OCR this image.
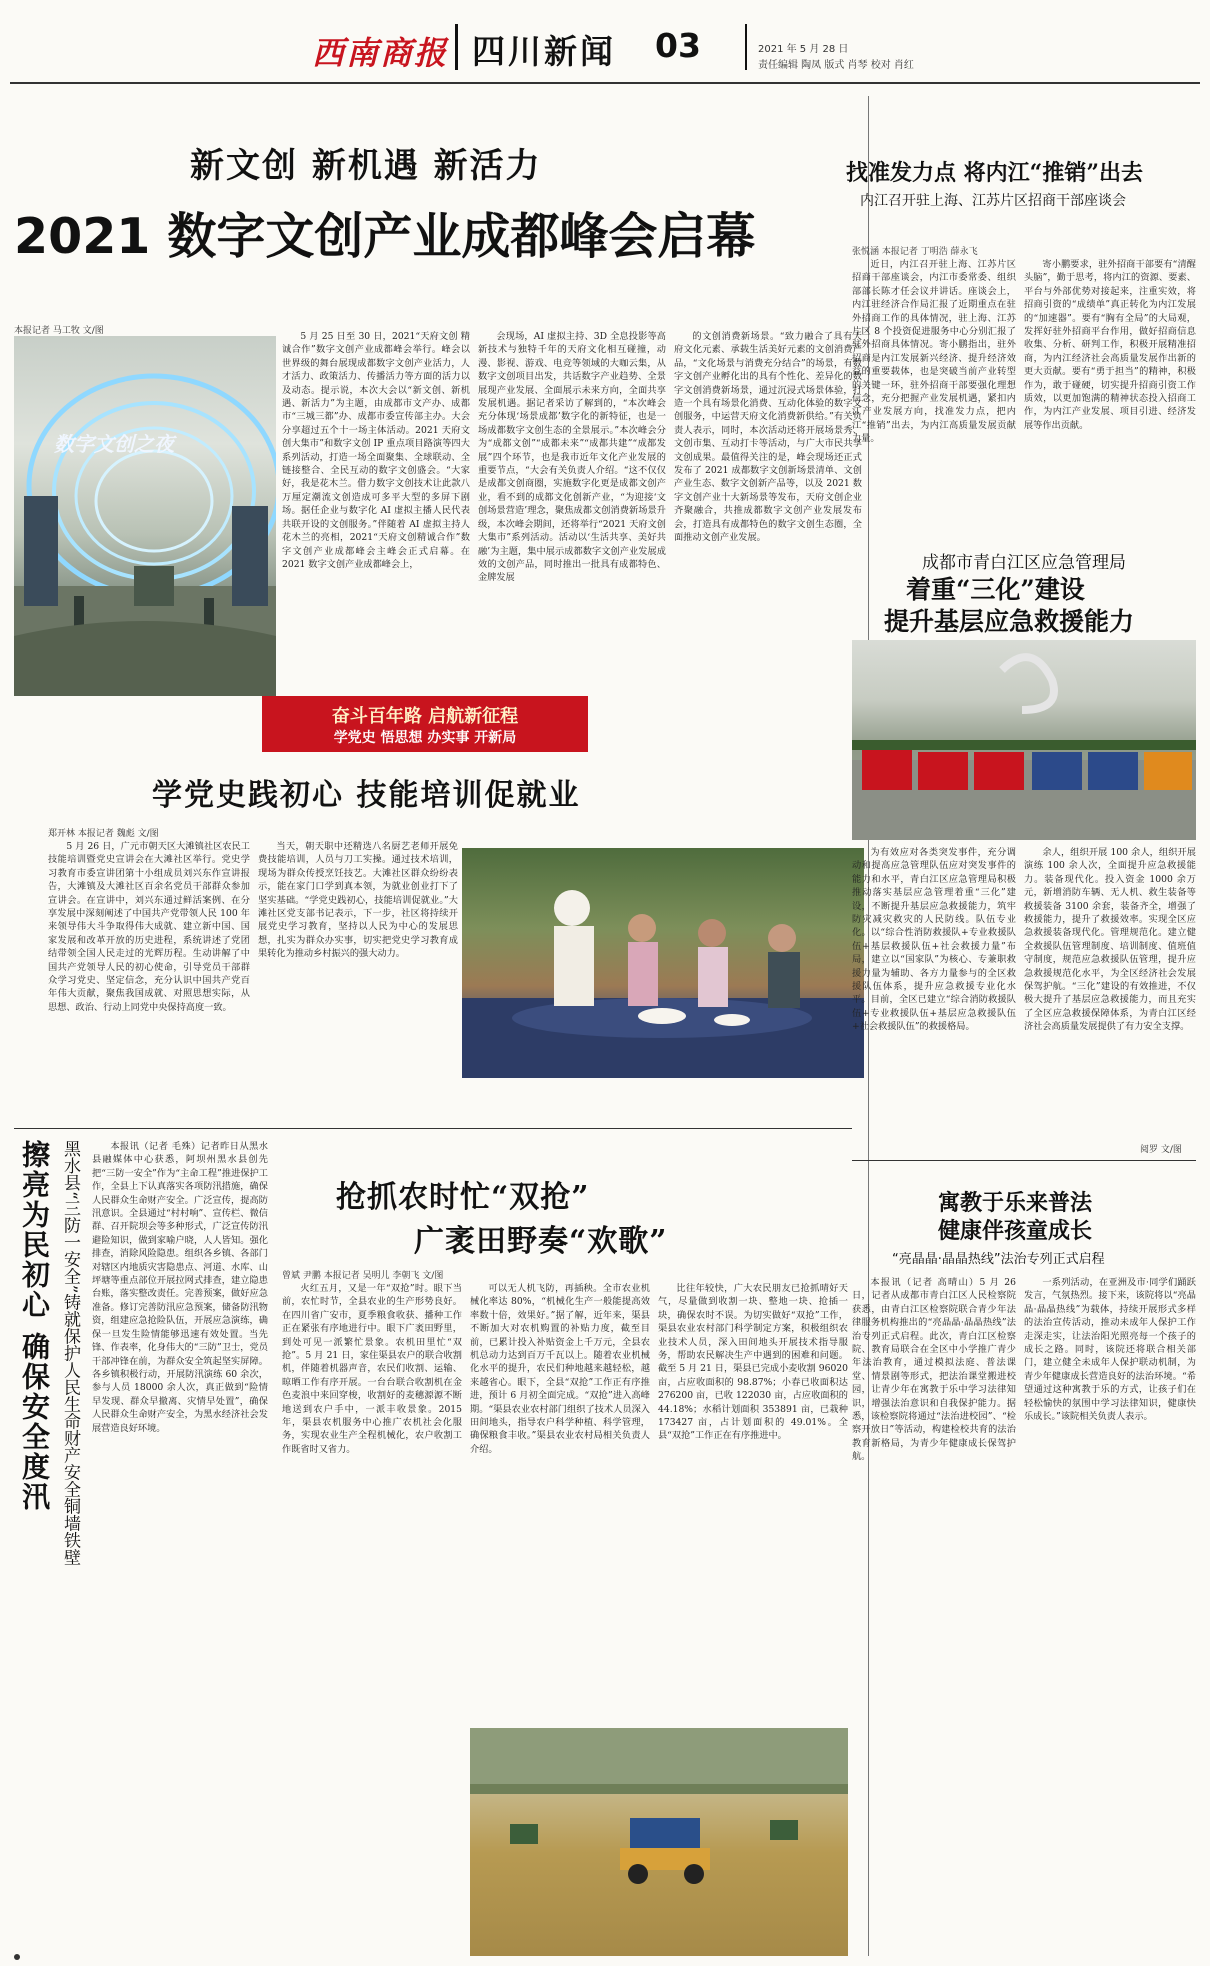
西南商报 四川新闻 03	2021 年 5 月 28 日
责任编辑 陶凤 版式 肖琴 校对 肖红
新文创 新机遇 新活力
2021 数字文创产业成都峰会启幕
本报记者 马工牧 文/图
数字文创之夜

5 月 25 日至 30 日，2021“天府文创 精诚合作”数字文创产业成都峰会举行。峰会以世界级的舞台展现成都数字文创产业活力，人才活力、政策活力、传播活力等方面的活力以及动态。提示说，本次大会以“新文创、新机遇、新活力”为主题，由成都市文产办、成都市“三城三都”办、成都市委宣传部主办。大会分享超过五个十一场主体活动。2021 天府文创大集市”和数字文创 IP 重点项目路演等四大系列活动，打造一场全面聚集、全球联动、全链接整合、全民互动的数字文创盛会。“大家好，我是花木兰。借力数字文创技术让此款八万厘定潮流文创造成可多平大型的多屏下剧场。据任企业与数字化 AI 虚拟主播人民代表共联开设的文创服务。”伴随着 AI 虚拟主持人花木兰的亮相，2021“天府文创精诚合作”数字文创产业成都峰会主峰会正式启幕。在 2021 数字文创产业成都峰会上，

会现场，AI 虚拟主持、3D 全息投影等高新技术与独特千年的天府文化相互碰撞，动漫、影视、游戏、电竞等领域的大咖云集，从数字文创项目出发，共话数字产业趋势、全景展现产业发展、全面展示未来方向，全面共享发展机遇。据记者采访了解到的，“本次峰会充分体现‘场景成都’数字化的新特征，也是一场成都数字文创生态的全景展示。”本次峰会分为“成都文创”“成都未来”“成都共建”“成都发展”四个环节，也是我市近年文化产业发展的重要节点，“大会有关负责人介绍。“这不仅仅是成都文创商圈，实施数字化更是成都文创产业，看不到的成都文化创新产业，“为迎接‘文创场景营造’理念，聚焦成都文创消费新场景升级，本次峰会期间，还将举行“2021 天府文创大集市”系列活动。活动以‘生活共享、美好共融’为主题，集中展示成都数字文创产业发展成效的文创产品，同时推出一批具有成都特色、金牌发展

的文创消费新场景。“致力融合了具有天府文化元素、承载生活美好元素的文创消费产品，“文化场景与消费充分结合”的场景，有数字文创产业孵化出的具有个性化、差异化的数字文创消费新场景，通过沉浸式场景体验，打造一个具有场景化消费、互动化体验的数字文创服务，中运营天府文化消费新供给。”有关负责人表示，同时，本次活动还将开展场景秀、文创市集、互动打卡等活动，与广大市民共享文创成果。最值得关注的是，峰会现场还正式发布了 2021 成都数字文创新场景清单、文创产业生态、数字文创新产品等，以及 2021 数字文创产业十大新场景等发布，天府文创企业齐聚融合，共推成都数字文创产业发展发布会，打造具有成都特色的数字文创生态圈，全面推动文创产业发展。

奋斗百年路 启航新征程
学党史 悟思想 办实事 开新局
学党史践初心 技能培训促就业
郑开林 本报记者 魏彪 文/图

5 月 26 日，广元市朝天区大滩镇社区农民工技能培训暨党史宣讲会在大滩社区举行。党史学习教育市委宣讲团第十小组成员刘兴东作宣讲报告，大滩镇及大滩社区百余名党员干部群众参加宣讲会。在宣讲中，刘兴东通过鲜活案例、在分享发展中深刻阐述了中国共产党带领人民 100 年来领导伟大斗争取得伟大成就、建立新中国、国家发展和改革开放的历史进程，系统讲述了党团结带领全国人民走过的光辉历程。生动讲解了中国共产党领导人民的初心使命，引导党员干部群众学习党史、坚定信念，充分认识中国共产党百年伟大贡献，聚焦我国成就、对照思想实际，从思想、政治、行动上同党中央保持高度一致。

当天，朝天职中还精选八名厨艺老师开展免费技能培训，人员与刀工实操。通过技术培训，现场为群众传授烹饪技艺。大滩社区群众纷纷表示，能在家门口学到真本领，为就业创业打下了坚实基础。“学党史践初心，技能培训促就业。”大滩社区党支部书记表示，下一步，社区将持续开展党史学习教育，坚持以人民为中心的发展思想，扎实为群众办实事，切实把党史学习教育成果转化为推动乡村振兴的强大动力。

找准发力点 将内江“推销”出去
内江召开驻上海、江苏片区招商干部座谈会
张悦涵 本报记者 丁明浩 薛永飞

近日，内江召开驻上海、江苏片区招商干部座谈会，内江市委常委、组织部部长陈才任会议并讲话。座谈会上，内江驻经济合作局汇报了近期重点在驻外招商工作的具体情况，驻上海、江苏片区 8 个投资促进服务中心分别汇报了驻外招商具体情况。寄小鹏指出，驻外招商是内江发展新兴经济、提升经济效益的重要载体，也是突破当前产业转型的关键一环，驻外招商干部要强化理想信念，充分把握产业发展机遇，紧扣内江产业发展方向，找准发力点，把内江“推销”出去，为内江高质量发展贡献力量。

寄小鹏要求，驻外招商干部要有“清醒头脑”，勤于思考，将内江的资源、要素、平台与外部优势对接起来，注重实效，将招商引资的“成绩单”真正转化为内江发展的“加速器”。要有“胸有全局”的大局观，发挥好驻外招商平台作用，做好招商信息收集、分析、研判工作，积极开展精准招商，为内江经济社会高质量发展作出新的更大贡献。要有“勇于担当”的精神，积极作为，敢于碰硬，切实提升招商引资工作质效，以更加饱满的精神状态投入招商工作，为内江产业发展、项目引进、经济发展等作出贡献。

成都市青白江区应急管理局
着重“三化”建设
提升基层应急救援能力

为有效应对各类突发事件，充分调动和提高应急管理队伍应对突发事件的能力和水平，青白江区应急管理局积极推动落实基层应急管理着重“三化”建设，不断提升基层应急救援能力，筑牢防灾减灾救灾的人民防线。队伍专业化。以“综合性消防救援队+专业救援队伍+基层救援队伍+社会救援力量”布局，建立以“国家队”为核心、专兼职救援力量为辅助、各方力量参与的全区救援队伍体系，提升应急救援专业化水平。目前，全区已建立“综合消防救援队伍+专业救援队伍+基层应急救援队伍+社会救援队伍”的救援格局。

余人，组织开展 100 余人，组织开展演练 100 余人次，全面提升应急救援能力。装备现代化。投入资金 1000 余万元，新增消防车辆、无人机、救生装备等救援装备 3100 余套，装备齐全，增强了救援能力，提升了救援效率。实现全区应急救援装备现代化。管理规范化。建立健全救援队伍管理制度、培训制度、值班值守制度，规范应急救援队伍管理，提升应急救援规范化水平，为全区经济社会发展保驾护航。“三化”建设的有效推进，不仅极大提升了基层应急救援能力，而且充实了全区应急救援保障体系，为青白江区经济社会高质量发展提供了有力安全支撑。

阅罗 文/图
寓教于乐来普法
健康伴孩童成长
“亮晶晶·晶晶热线”法治专列正式启程

本报讯（记者 高晴山）5 月 26 日，记者从成都市青白江区人民检察院获悉，由青白江区检察院联合青少年法律服务机构推出的“亮晶晶·晶晶热线”法治专列正式启程。此次，青白江区检察院、教育局联合在全区中小学推广青少年法治教育，通过模拟法庭、普法课堂、情景剧等形式，把法治课堂搬进校园，让青少年在寓教于乐中学习法律知识，增强法治意识和自我保护能力。据悉，该检察院将通过“法治进校园”、“检察开放日”等活动，构建检校共育的法治教育新格局，为青少年健康成长保驾护航。

一系列活动，在亚洲及市·同学们踊跃发言，气氛热烈。接下来，该院将以“亮晶晶·晶晶热线”为载体，持续开展形式多样的法治宣传活动，推动未成年人保护工作走深走实，让法治阳光照亮每一个孩子的成长之路。同时，该院还将联合相关部门，建立健全未成年人保护联动机制，为青少年健康成长营造良好的法治环境。“希望通过这种寓教于乐的方式，让孩子们在轻松愉快的氛围中学习法律知识，健康快乐成长。”该院相关负责人表示。

擦亮为民初心 确保安全度汛 黑水县“三防一安全”铸就保护人民生命财产安全铜墙铁壁	本报讯（记者 毛殊）记者昨日从黑水县融媒体中心获悉，阿坝州黑水县创先把“三防一安全”作为“主命工程”推进保护工作，全县上下认真落实各项防汛措施，确保人民群众生命财产安全。广泛宣传，提高防汛意识。全县通过“村村响”、宣传栏、微信群、召开院坝会等多种形式，广泛宣传防汛避险知识，做到家喻户晓，人人皆知。强化排查，消除风险隐患。组织各乡镇、各部门对辖区内地质灾害隐患点、河道、水库、山坪塘等重点部位开展拉网式排查，建立隐患台账，落实整改责任。完善预案，做好应急准备。修订完善防汛应急预案，储备防汛物资，组建应急抢险队伍，开展应急演练，确保一旦发生险情能够迅速有效处置。当先锋、作表率，化身伟大的“三防”卫士，党员干部冲锋在前，为群众安全筑起坚实屏障。各乡镇积极行动，开展防汛演练 60 余次，参与人员 18000 余人次，真正做到“险情早发现、群众早撤离、灾情早处置”，确保人民群众生命财产安全，为黑水经济社会发展营造良好环境。

抢抓农时忙“双抢”
广袤田野奏“欢歌”
曾斌 尹鹏 本报记者 吴明儿 李朝飞 文/图

火红五月，又是一年“双抢”时。眼下当前，农忙时节，全县农业的生产形势良好。在四川省广安市，夏季粮食收获、播种工作正在紧张有序地进行中。眼下广袤田野里，到处可见一派繁忙景象。农机田里忙“双抢”。5 月 21 日，家住渠县农户的联合收割机，伴随着机器声音，农民们收割、运输、晾晒工作有序开展。一台台联合收割机在金色麦浪中来回穿梭，收割好的麦穗源源不断地送到农户手中，一派丰收景象。2015 年，渠县农机服务中心推广农机社会化服务，实现农业生产全程机械化，农户收割工作既省时又省力。

可以无人机飞防，再插秧。全市农业机械化率达 80%，“机械化生产一般能提高效率数十倍，效果好。”据了解，近年来，渠县不断加大对农机购置的补贴力度，截至目前，已累计投入补贴资金上千万元，全县农机总动力达到百万千瓦以上。随着农业机械化水平的提升，农民们种地越来越轻松，越来越省心。眼下，全县“双抢”工作正有序推进，预计 6 月初全面完成。“双抢”进入高峰期。“渠县农业农村部门组织了技术人员深入田间地头，指导农户科学种植、科学管理，确保粮食丰收。”渠县农业农村局相关负责人介绍。

比往年较快，广大农民朋友已抢抓晴好天气，尽量做到收割一块、整地一块、抢插一块，确保农时不误。为切实做好“双抢”工作，渠县农业农村部门科学制定方案，积极组织农业技术人员，深入田间地头开展技术指导服务，帮助农民解决生产中遇到的困难和问题。截至 5 月 21 日，渠县已完成小麦收割 96020 亩，占应收面积的 98.87%；小春已收面积达 276200 亩，已收 122030 亩，占应收面积的 44.18%；水稻计划面积 353891 亩，已栽种 173427 亩，占计划面积的 49.01%。全县“双抢”工作正在有序推进中。
